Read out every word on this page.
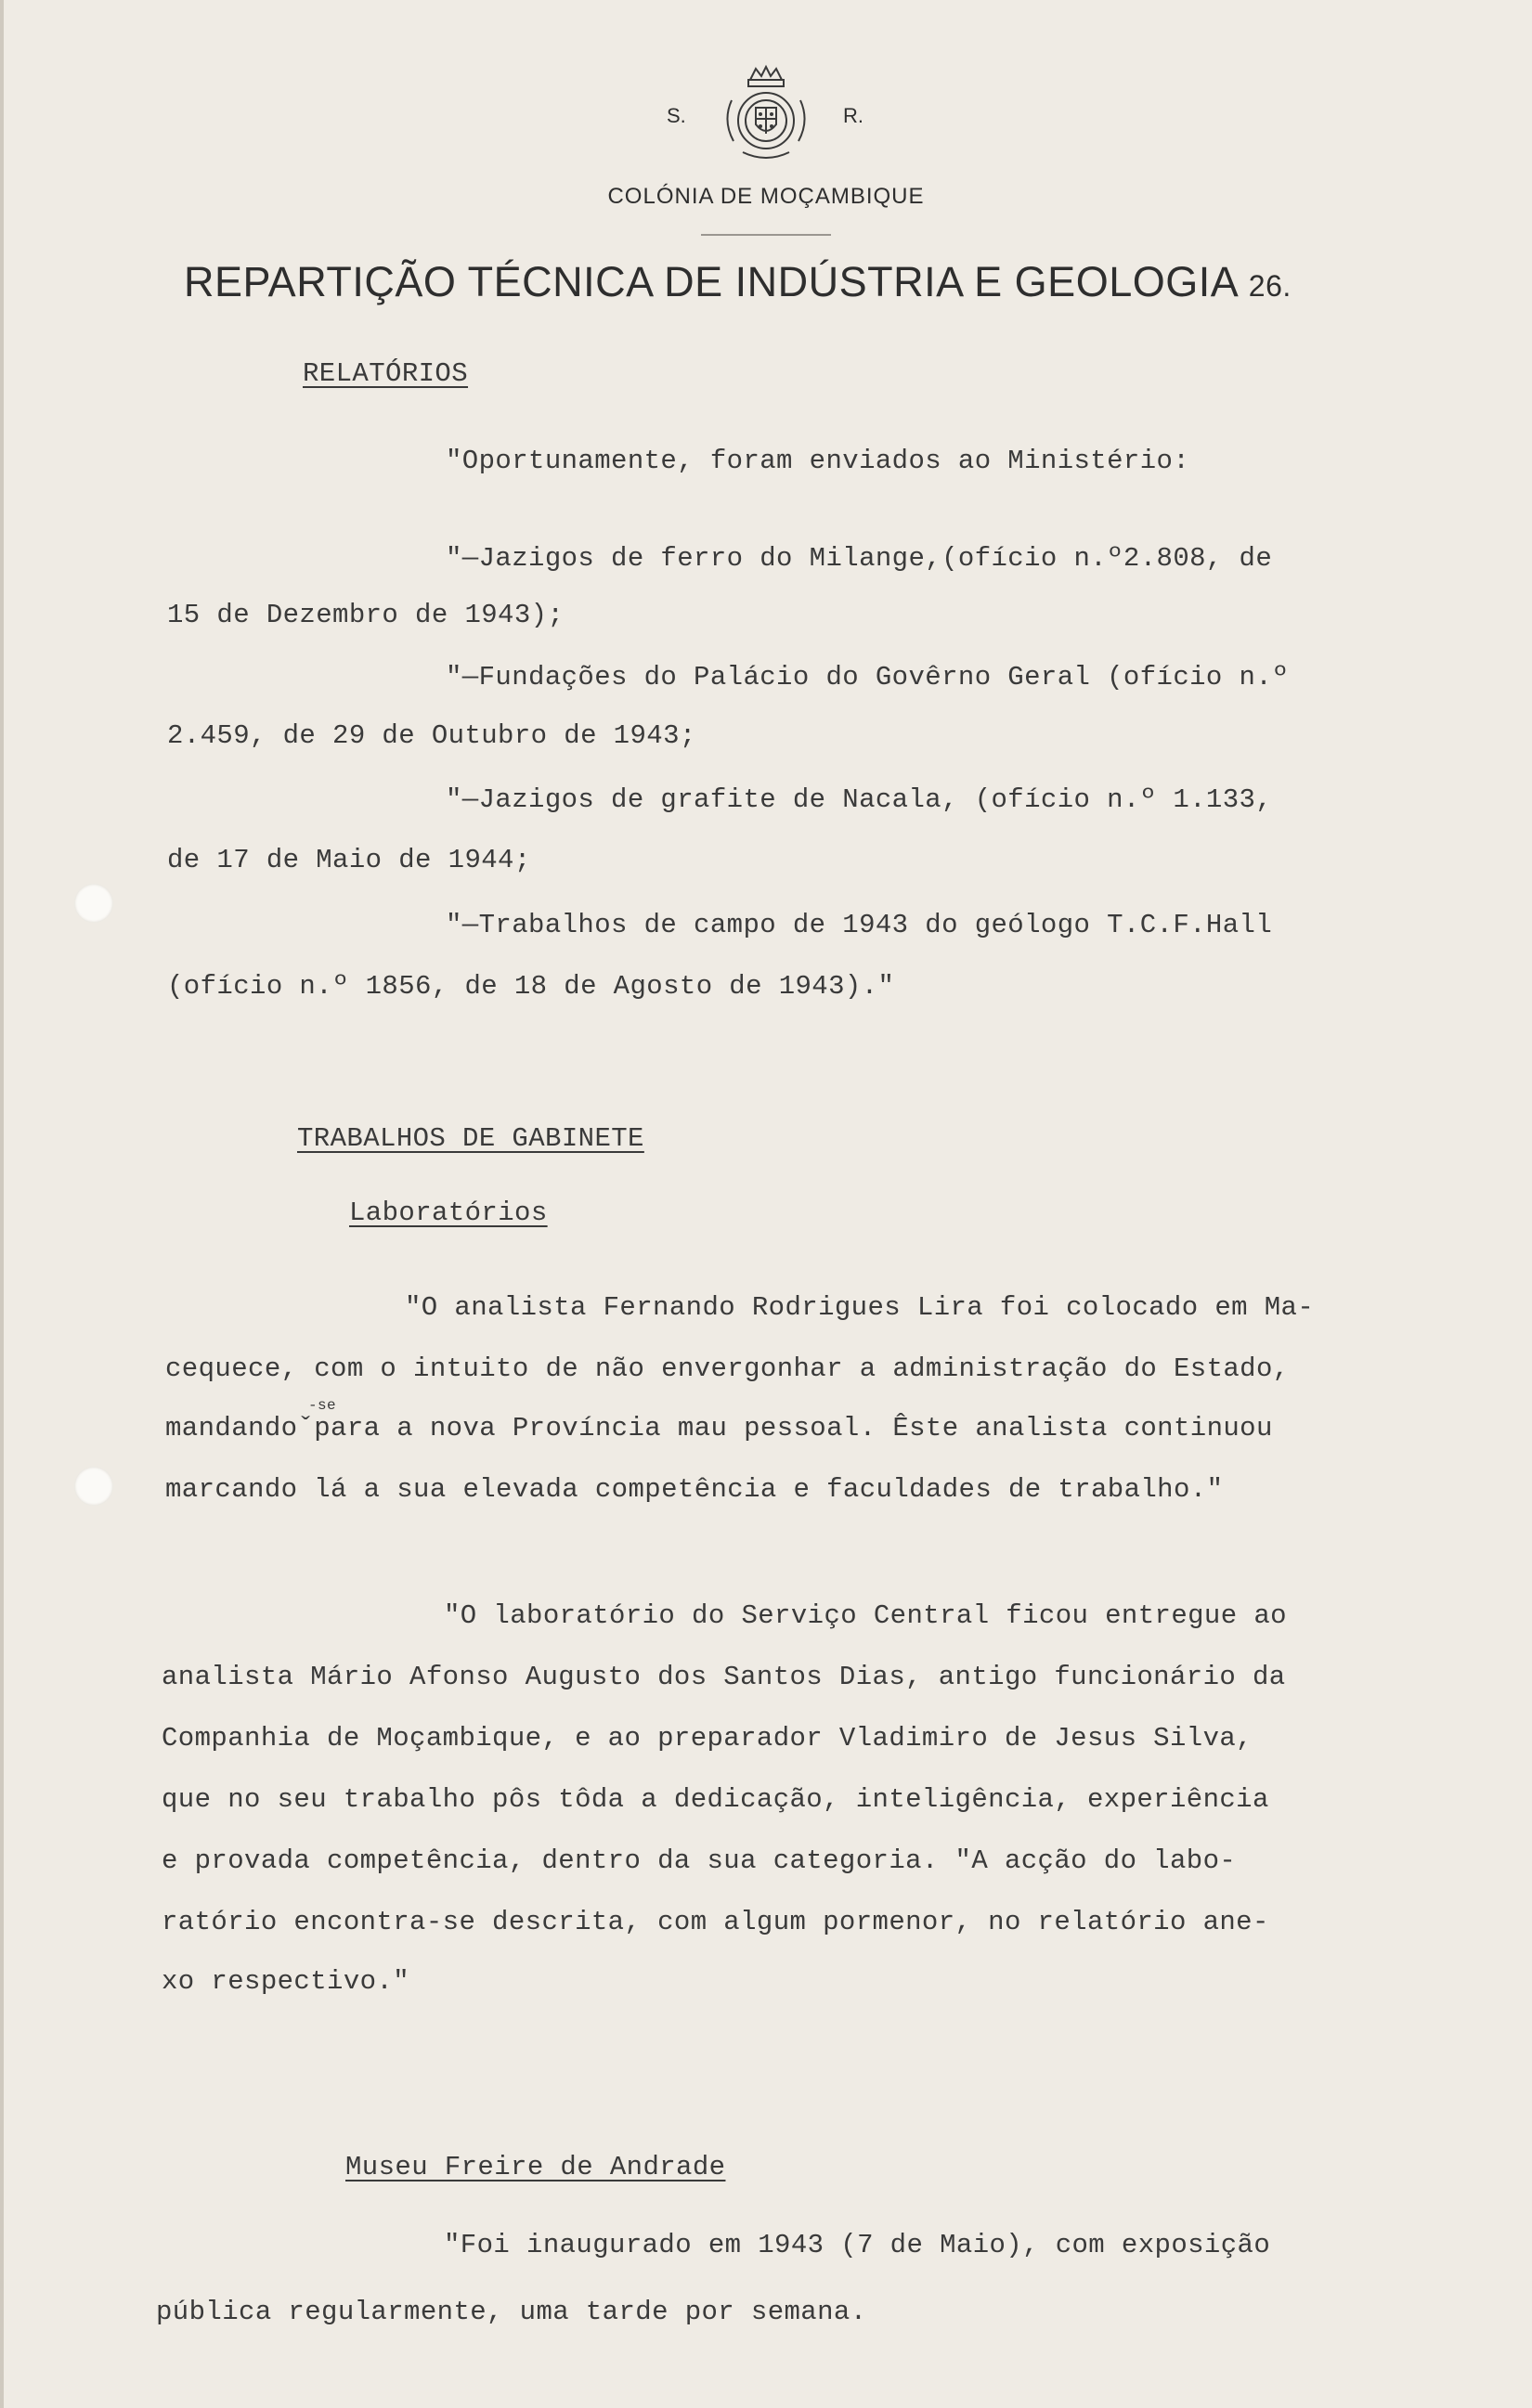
S.	R.
COLÓNIA DE MOÇAMBIQUE
REPARTIÇÃO TÉCNICA DE INDÚSTRIA E GEOLOGIA 26.
RELATÓRIOS
"Oportunamente, foram enviados ao Ministério:
"—Jazigos de ferro do Milange,(ofício n.º2.808, de
15 de Dezembro de 1943);
"—Fundações do Palácio do Govêrno Geral (ofício n.º
2.459, de 29 de Outubro de 1943;
"—Jazigos de grafite de Nacala, (ofício n.º 1.133,
de 17 de Maio de 1944;
"—Trabalhos de campo de 1943 do geólogo T.C.F.Hall
(ofício n.º 1856, de 18 de Agosto de 1943)."
TRABALHOS DE GABINETE
Laboratórios
"O analista Fernando Rodrigues Lira foi colocado em Ma-
cequece, com o intuito de não envergonhar a administração do Estado,
-se
mandandoˇpara a nova Província mau pessoal. Êste analista continuou
marcando lá a sua elevada competência e faculdades de trabalho."
"O laboratório do Serviço Central ficou entregue ao
analista Mário Afonso Augusto dos Santos Dias, antigo funcionário da
Companhia de Moçambique, e ao preparador Vladimiro de Jesus Silva,
que no seu trabalho pôs tôda a dedicação, inteligência, experiência
e provada competência, dentro da sua categoria. "A acção do labo-
ratório encontra-se descrita, com algum pormenor, no relatório ane-
xo respectivo."
Museu Freire de Andrade
"Foi inaugurado em 1943 (7 de Maio), com exposição
pública regularmente, uma tarde por semana.
